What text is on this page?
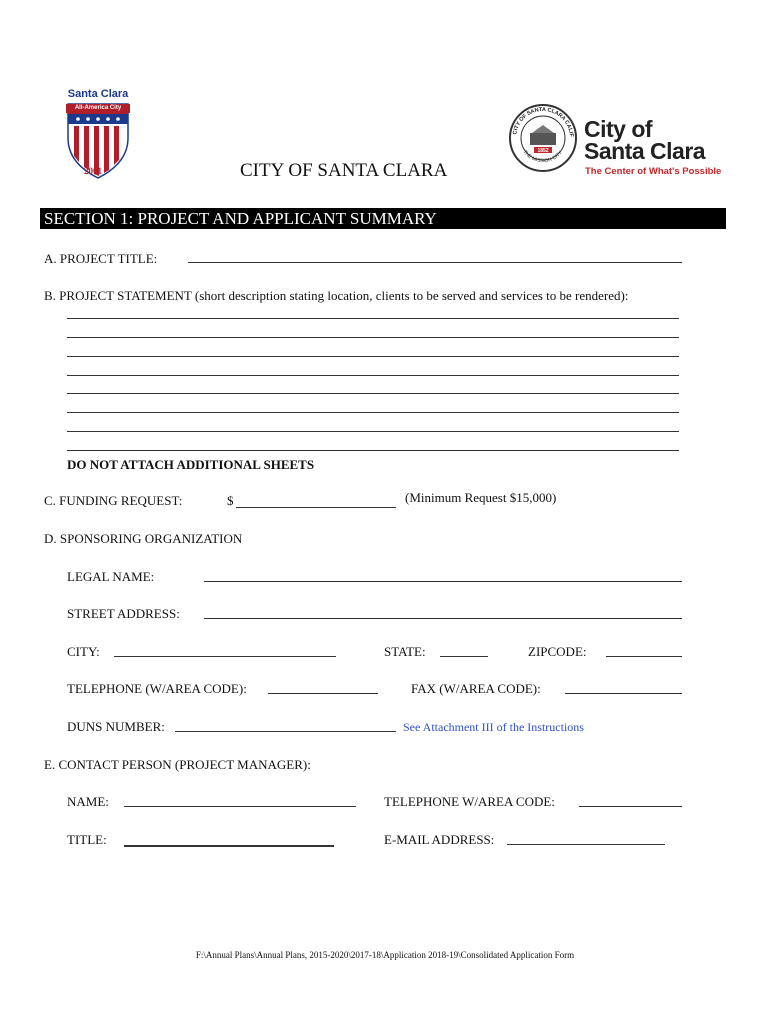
Santa Clara
All-America City
2001
CITY OF SANTA CLARA CALIF
THE MISSION CITY
1852
City of
Santa Clara
The Center of What's Possible
CITY OF SANTA CLARA
SECTION 1: PROJECT AND APPLICANT SUMMARY
A. PROJECT TITLE:
B. PROJECT STATEMENT (short description stating location, clients to be served and services to be rendered):
DO NOT ATTACH ADDITIONAL SHEETS
C. FUNDING REQUEST:	$	(Minimum Request $15,000)
D. SPONSORING ORGANIZATION
LEGAL NAME:
STREET ADDRESS:
CITY:	STATE:	ZIPCODE:
TELEPHONE (W/AREA CODE):	FAX (W/AREA CODE):
DUNS NUMBER:	See Attachment III of the Instructions
E. CONTACT PERSON (PROJECT MANAGER):
NAME:	TELEPHONE W/AREA CODE:
TITLE:	E-MAIL ADDRESS:
F:\Annual Plans\Annual Plans, 2015-2020\2017-18\Application 2018-19\Consolidated Application Form
